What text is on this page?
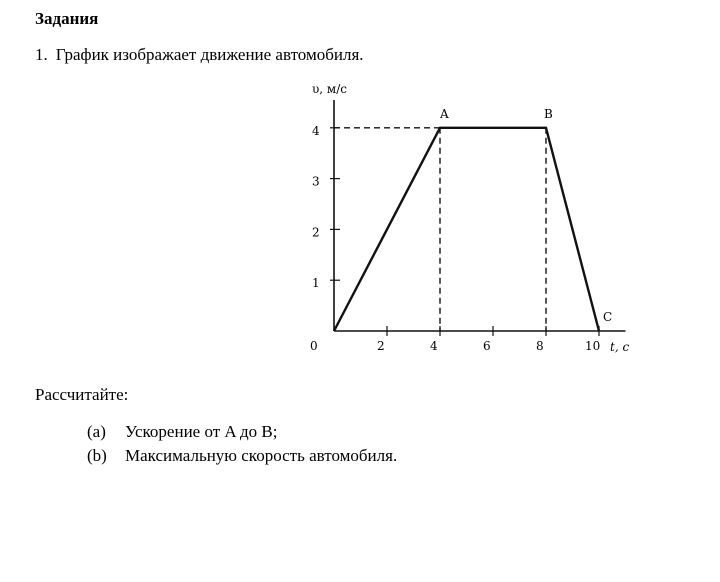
Задания
1. График изображает движение автомобиля.
υ, м/с
t, c
0
A	B
C
2	4	6	8	10
1
2
3
4
Рассчитайте:
(a) Ускорение от A до B;
(b) Максимальную скорость автомобиля.
